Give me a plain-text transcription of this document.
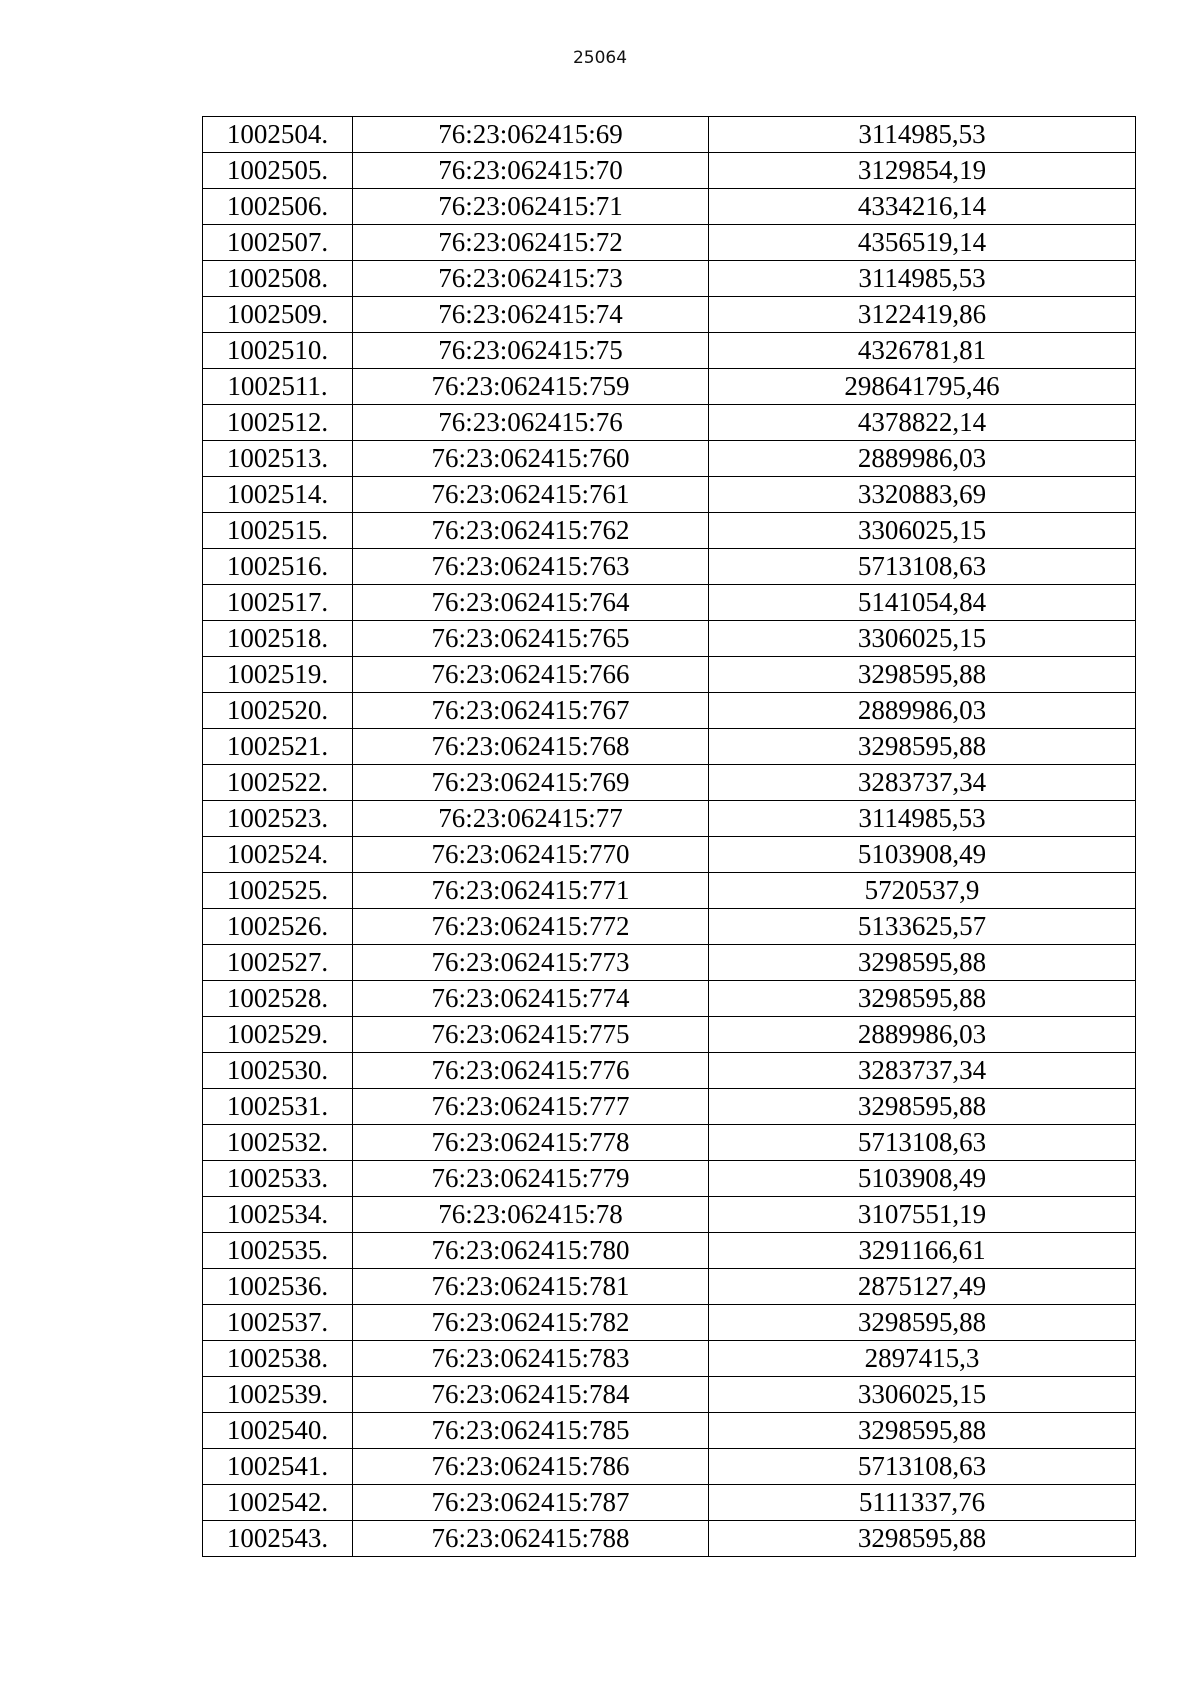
25064
1002504.	76:23:062415:69	3114985,53
1002505.	76:23:062415:70	3129854,19
1002506.	76:23:062415:71	4334216,14
1002507.	76:23:062415:72	4356519,14
1002508.	76:23:062415:73	3114985,53
1002509.	76:23:062415:74	3122419,86
1002510.	76:23:062415:75	4326781,81
1002511.	76:23:062415:759	298641795,46
1002512.	76:23:062415:76	4378822,14
1002513.	76:23:062415:760	2889986,03
1002514.	76:23:062415:761	3320883,69
1002515.	76:23:062415:762	3306025,15
1002516.	76:23:062415:763	5713108,63
1002517.	76:23:062415:764	5141054,84
1002518.	76:23:062415:765	3306025,15
1002519.	76:23:062415:766	3298595,88
1002520.	76:23:062415:767	2889986,03
1002521.	76:23:062415:768	3298595,88
1002522.	76:23:062415:769	3283737,34
1002523.	76:23:062415:77	3114985,53
1002524.	76:23:062415:770	5103908,49
1002525.	76:23:062415:771	5720537,9
1002526.	76:23:062415:772	5133625,57
1002527.	76:23:062415:773	3298595,88
1002528.	76:23:062415:774	3298595,88
1002529.	76:23:062415:775	2889986,03
1002530.	76:23:062415:776	3283737,34
1002531.	76:23:062415:777	3298595,88
1002532.	76:23:062415:778	5713108,63
1002533.	76:23:062415:779	5103908,49
1002534.	76:23:062415:78	3107551,19
1002535.	76:23:062415:780	3291166,61
1002536.	76:23:062415:781	2875127,49
1002537.	76:23:062415:782	3298595,88
1002538.	76:23:062415:783	2897415,3
1002539.	76:23:062415:784	3306025,15
1002540.	76:23:062415:785	3298595,88
1002541.	76:23:062415:786	5713108,63
1002542.	76:23:062415:787	5111337,76
1002543.	76:23:062415:788	3298595,88
